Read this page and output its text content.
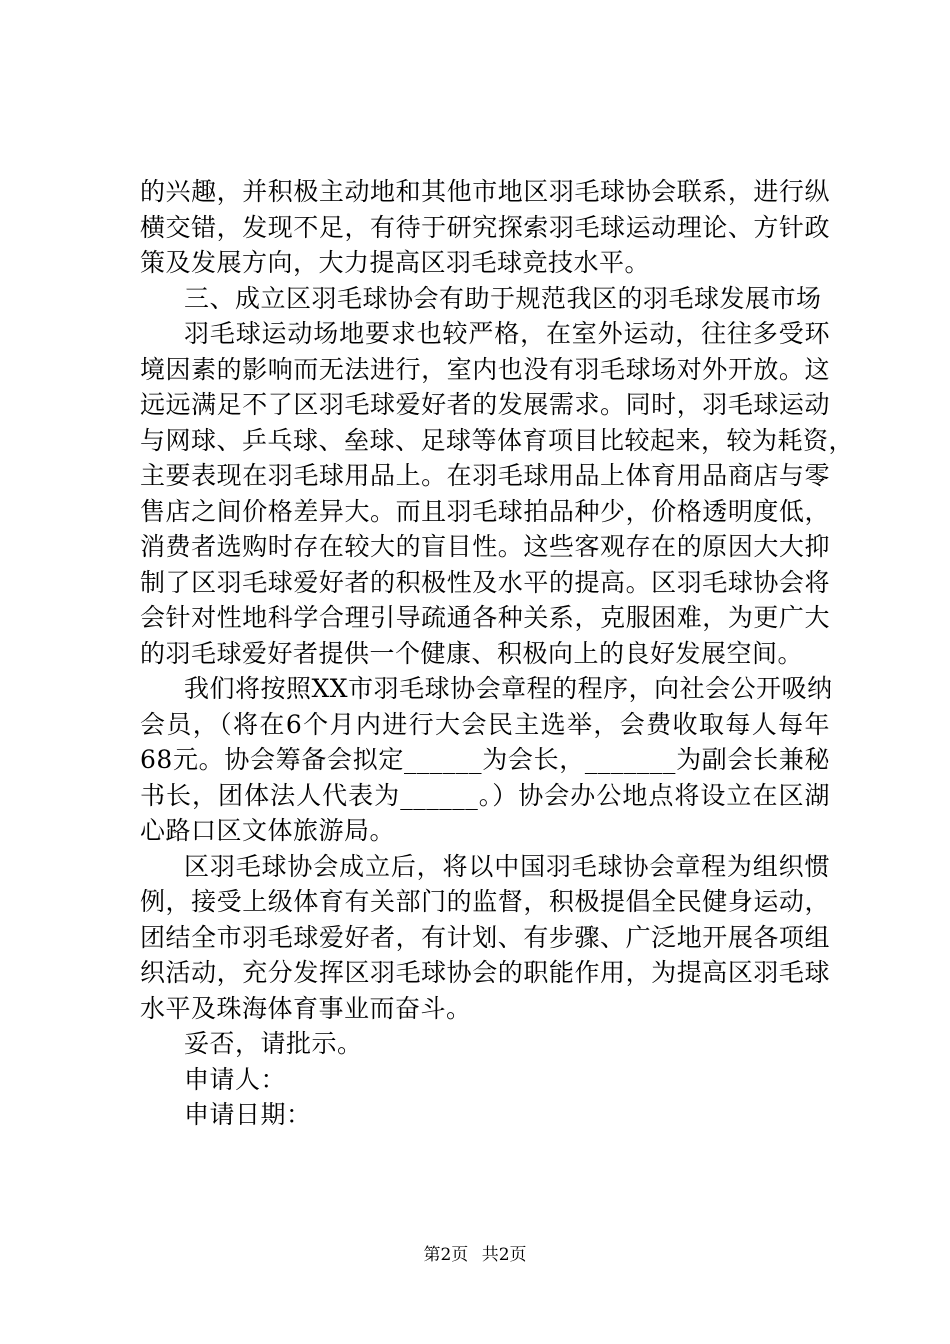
的兴趣，并积极主动地和其他市地区羽毛球协会联系，进行纵
横交错，发现不足，有待于研究探索羽毛球运动理论、方针政
策及发展方向，大力提高区羽毛球竞技水平。
三、成立区羽毛球协会有助于规范我区的羽毛球发展市场
羽毛球运动场地要求也较严格，在室外运动，往往多受环
境因素的影响而无法进行，室内也没有羽毛球场对外开放。这
远远满足不了区羽毛球爱好者的发展需求。同时，羽毛球运动
与网球、乒乓球、垒球、足球等体育项目比较起来，较为耗资，
主要表现在羽毛球用品上。在羽毛球用品上体育用品商店与零
售店之间价格差异大。而且羽毛球拍品种少，价格透明度低，
消费者选购时存在较大的盲目性。这些客观存在的原因大大抑
制了区羽毛球爱好者的积极性及水平的提高。区羽毛球协会将
会针对性地科学合理引导疏通各种关系，克服困难，为更广大
的羽毛球爱好者提供一个健康、积极向上的良好发展空间。
我们将按照XX市羽毛球协会章程的程序，向社会公开吸纳
会员，（将在6个月内进行大会民主选举，会费收取每人每年
68元。协会筹备会拟定______为会长，_______为副会长兼秘
书长，团体法人代表为______。）协会办公地点将设立在区湖
心路口区文体旅游局。
区羽毛球协会成立后，将以中国羽毛球协会章程为组织惯
例，接受上级体育有关部门的监督，积极提倡全民健身运动，
团结全市羽毛球爱好者，有计划、有步骤、广泛地开展各项组
织活动，充分发挥区羽毛球协会的职能作用，为提高区羽毛球
水平及珠海体育事业而奋斗。
妥否，请批示。
申请人：
申请日期：
第2页 共2页
